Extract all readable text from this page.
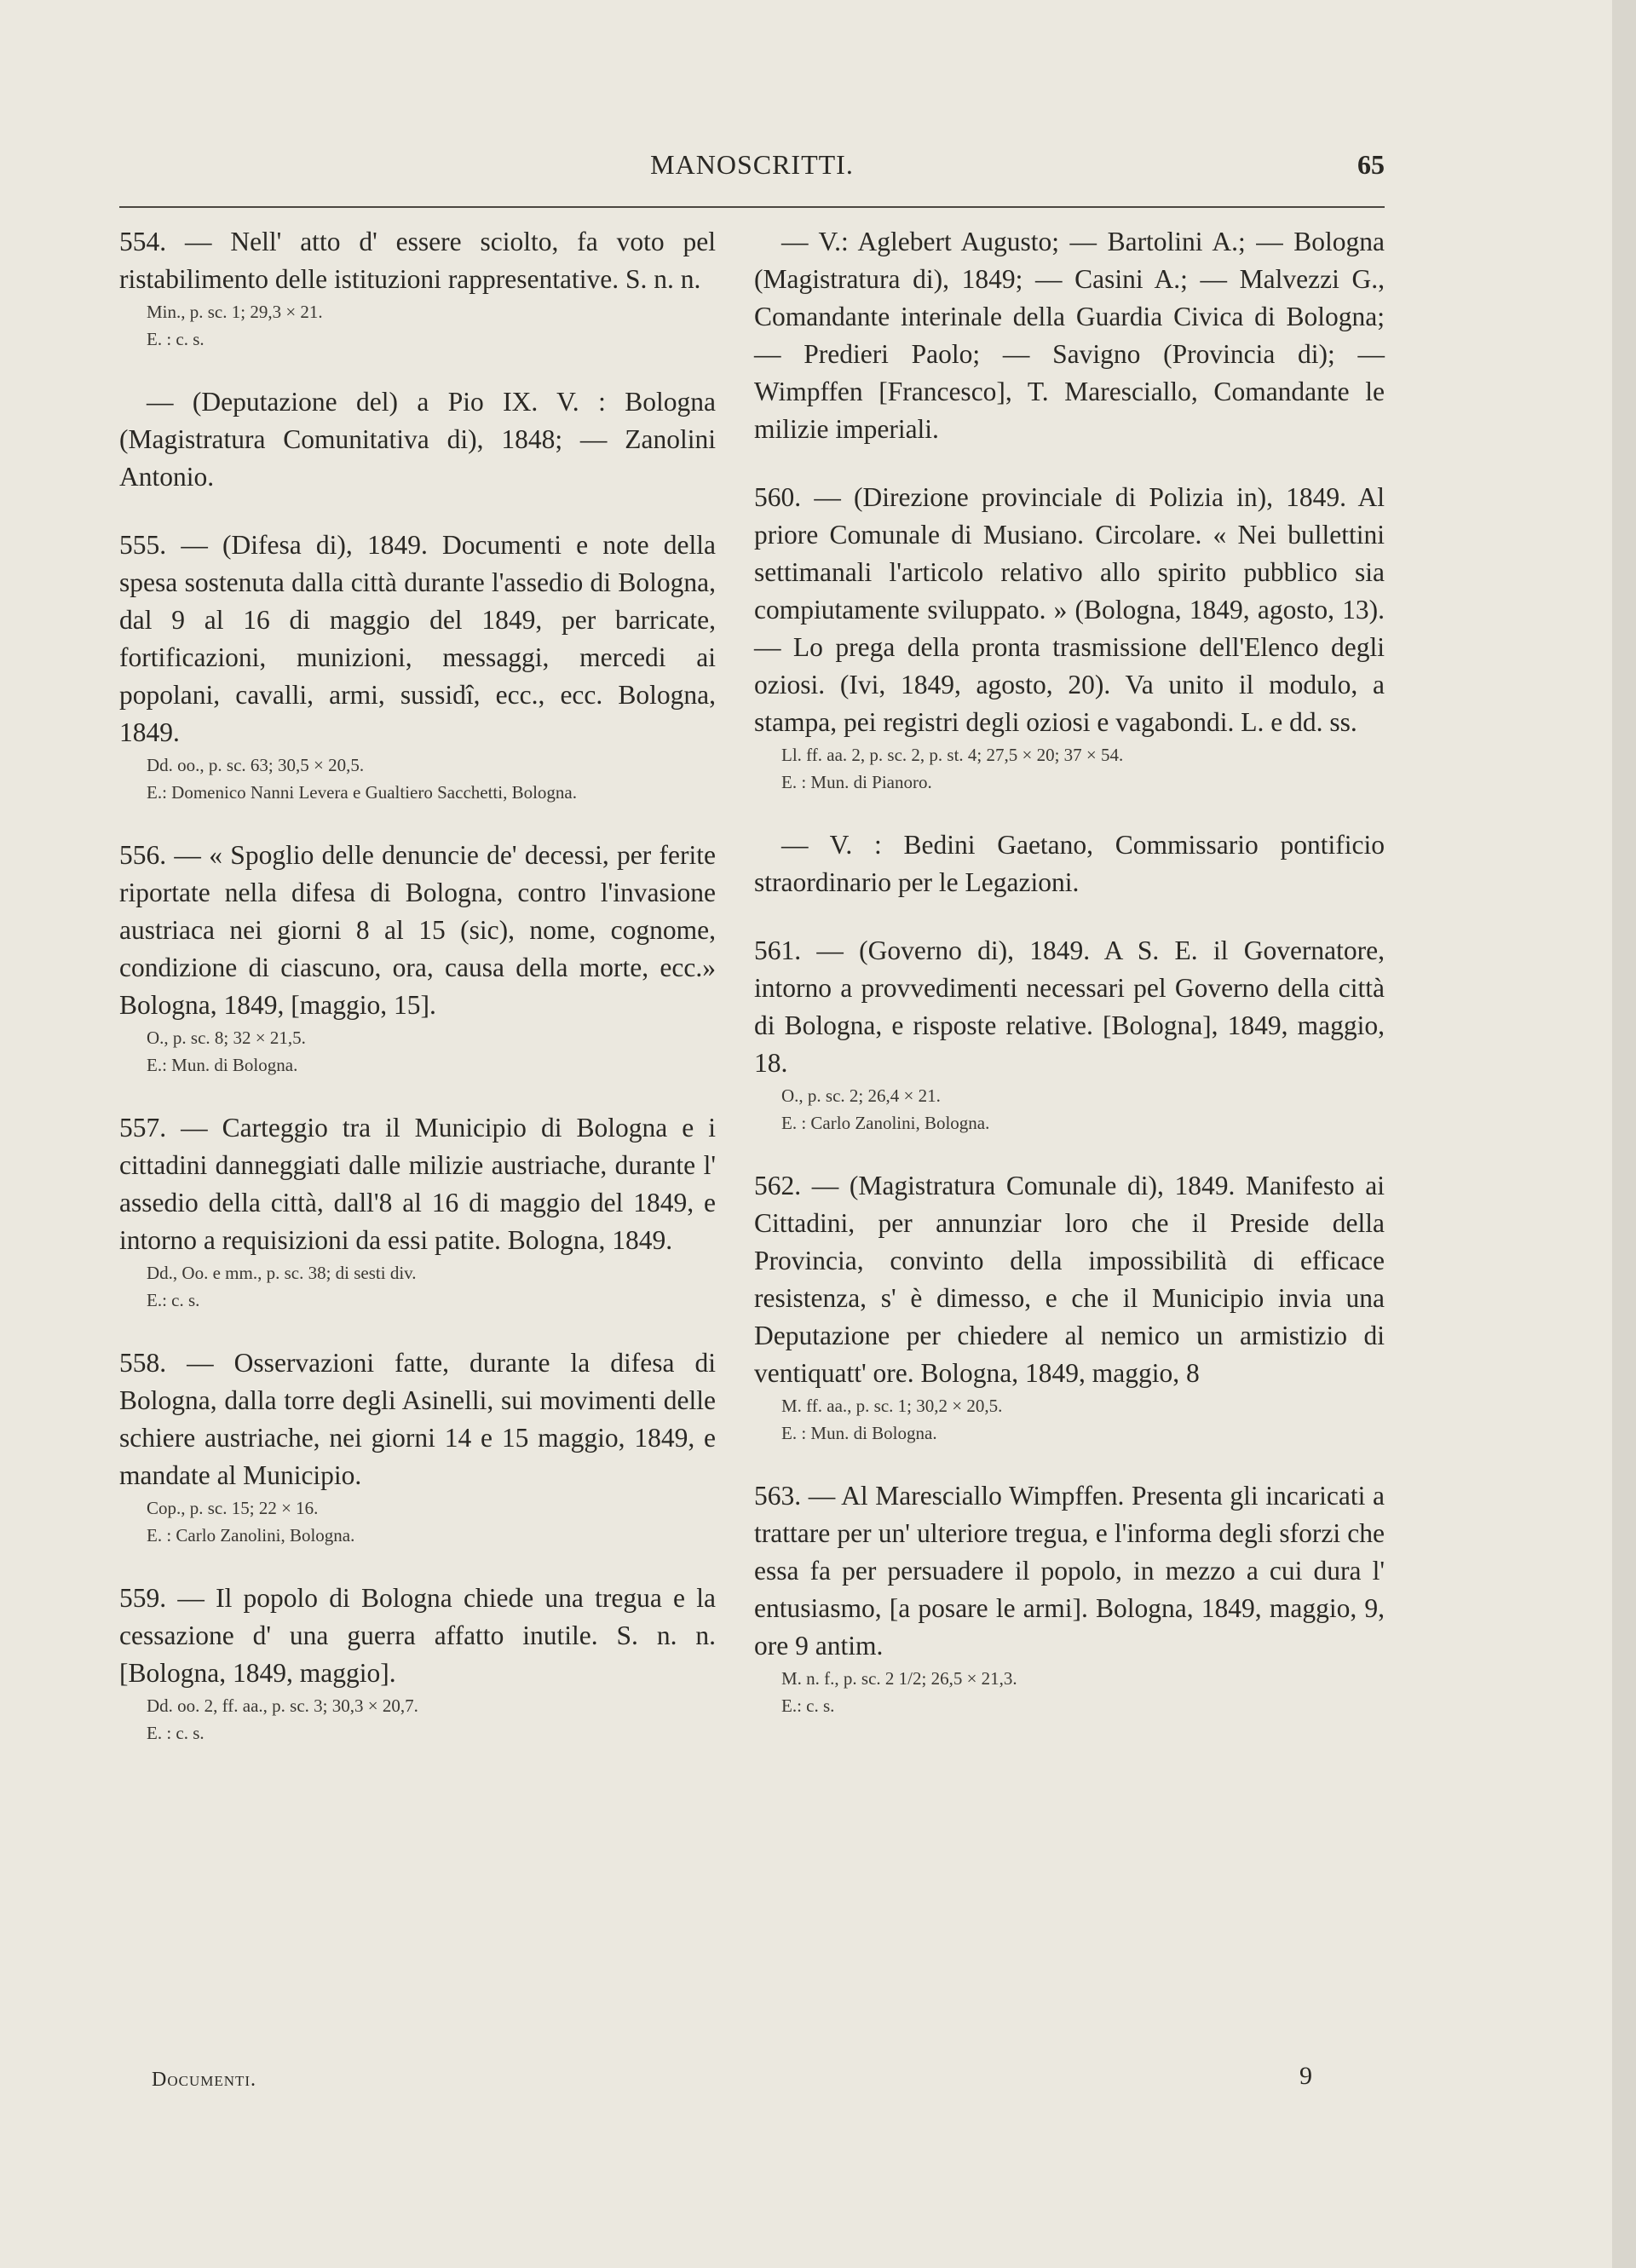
MANOSCRITTI.	65
554. — Nell' atto d' essere sciolto, fa voto pel ristabilimento delle istituzioni rappresentative. S. n. n.
Min., p. sc. 1; 29,3 × 21.
E. : c. s.
— (Deputazione del) a Pio IX. V. : Bologna (Magistratura Comunitativa di), 1848; — Zanolini Antonio.
555. — (Difesa di), 1849. Documenti e note della spesa sostenuta dalla città durante l'assedio di Bologna, dal 9 al 16 di maggio del 1849, per barricate, fortificazioni, munizioni, messaggi, mercedi ai popolani, cavalli, armi, sussidî, ecc., ecc. Bologna, 1849.
Dd. oo., p. sc. 63; 30,5 × 20,5.
E.: Domenico Nanni Levera e Gualtiero Sacchetti, Bologna.
556. — « Spoglio delle denuncie de' decessi, per ferite riportate nella difesa di Bologna, contro l'invasione austriaca nei giorni 8 al 15 (sic), nome, cognome, condizione di ciascuno, ora, causa della morte, ecc.» Bologna, 1849, [maggio, 15].
O., p. sc. 8; 32 × 21,5.
E.: Mun. di Bologna.
557. — Carteggio tra il Municipio di Bologna e i cittadini danneggiati dalle milizie austriache, durante l' assedio della città, dall'8 al 16 di maggio del 1849, e intorno a requisizioni da essi patite. Bologna, 1849.
Dd., Oo. e mm., p. sc. 38; di sesti div.
E.: c. s.
558. — Osservazioni fatte, durante la difesa di Bologna, dalla torre degli Asinelli, sui movimenti delle schiere austriache, nei giorni 14 e 15 maggio, 1849, e mandate al Municipio.
Cop., p. sc. 15; 22 × 16.
E. : Carlo Zanolini, Bologna.
559. — Il popolo di Bologna chiede una tregua e la cessazione d' una guerra affatto inutile. S. n. n. [Bologna, 1849, maggio].
Dd. oo. 2, ff. aa., p. sc. 3; 30,3 × 20,7.
E. : c. s.
— V.: Aglebert Augusto; — Bartolini A.; — Bologna (Magistratura di), 1849; — Casini A.; — Malvezzi G., Comandante interinale della Guardia Civica di Bologna; — Predieri Paolo; — Savigno (Provincia di); — Wimpffen [Francesco], T. Maresciallo, Comandante le milizie imperiali.
560. — (Direzione provinciale di Polizia in), 1849. Al priore Comunale di Musiano. Circolare. « Nei bullettini settimanali l'articolo relativo allo spirito pubblico sia compiutamente sviluppato. » (Bologna, 1849, agosto, 13). — Lo prega della pronta trasmissione dell'Elenco degli oziosi. (Ivi, 1849, agosto, 20). Va unito il modulo, a stampa, pei registri degli oziosi e vagabondi. L. e dd. ss.
Ll. ff. aa. 2, p. sc. 2, p. st. 4; 27,5 × 20; 37 × 54.
E. : Mun. di Pianoro.
— V. : Bedini Gaetano, Commissario pontificio straordinario per le Legazioni.
561. — (Governo di), 1849. A S. E. il Governatore, intorno a provvedimenti necessari pel Governo della città di Bologna, e risposte relative. [Bologna], 1849, maggio, 18.
O., p. sc. 2; 26,4 × 21.
E. : Carlo Zanolini, Bologna.
562. — (Magistratura Comunale di), 1849. Manifesto ai Cittadini, per annunziar loro che il Preside della Provincia, convinto della impossibilità di efficace resistenza, s' è dimesso, e che il Municipio invia una Deputazione per chiedere al nemico un armistizio di ventiquatt' ore. Bologna, 1849, maggio, 8
M. ff. aa., p. sc. 1; 30,2 × 20,5.
E. : Mun. di Bologna.
563. — Al Maresciallo Wimpffen. Presenta gli incaricati a trattare per un' ulteriore tregua, e l'informa degli sforzi che essa fa per persuadere il popolo, in mezzo a cui dura l' entusiasmo, [a posare le armi]. Bologna, 1849, maggio, 9, ore 9 antim.
M. n. f., p. sc. 2 1/2; 26,5 × 21,3.
E.: c. s.
Documenti.	9
